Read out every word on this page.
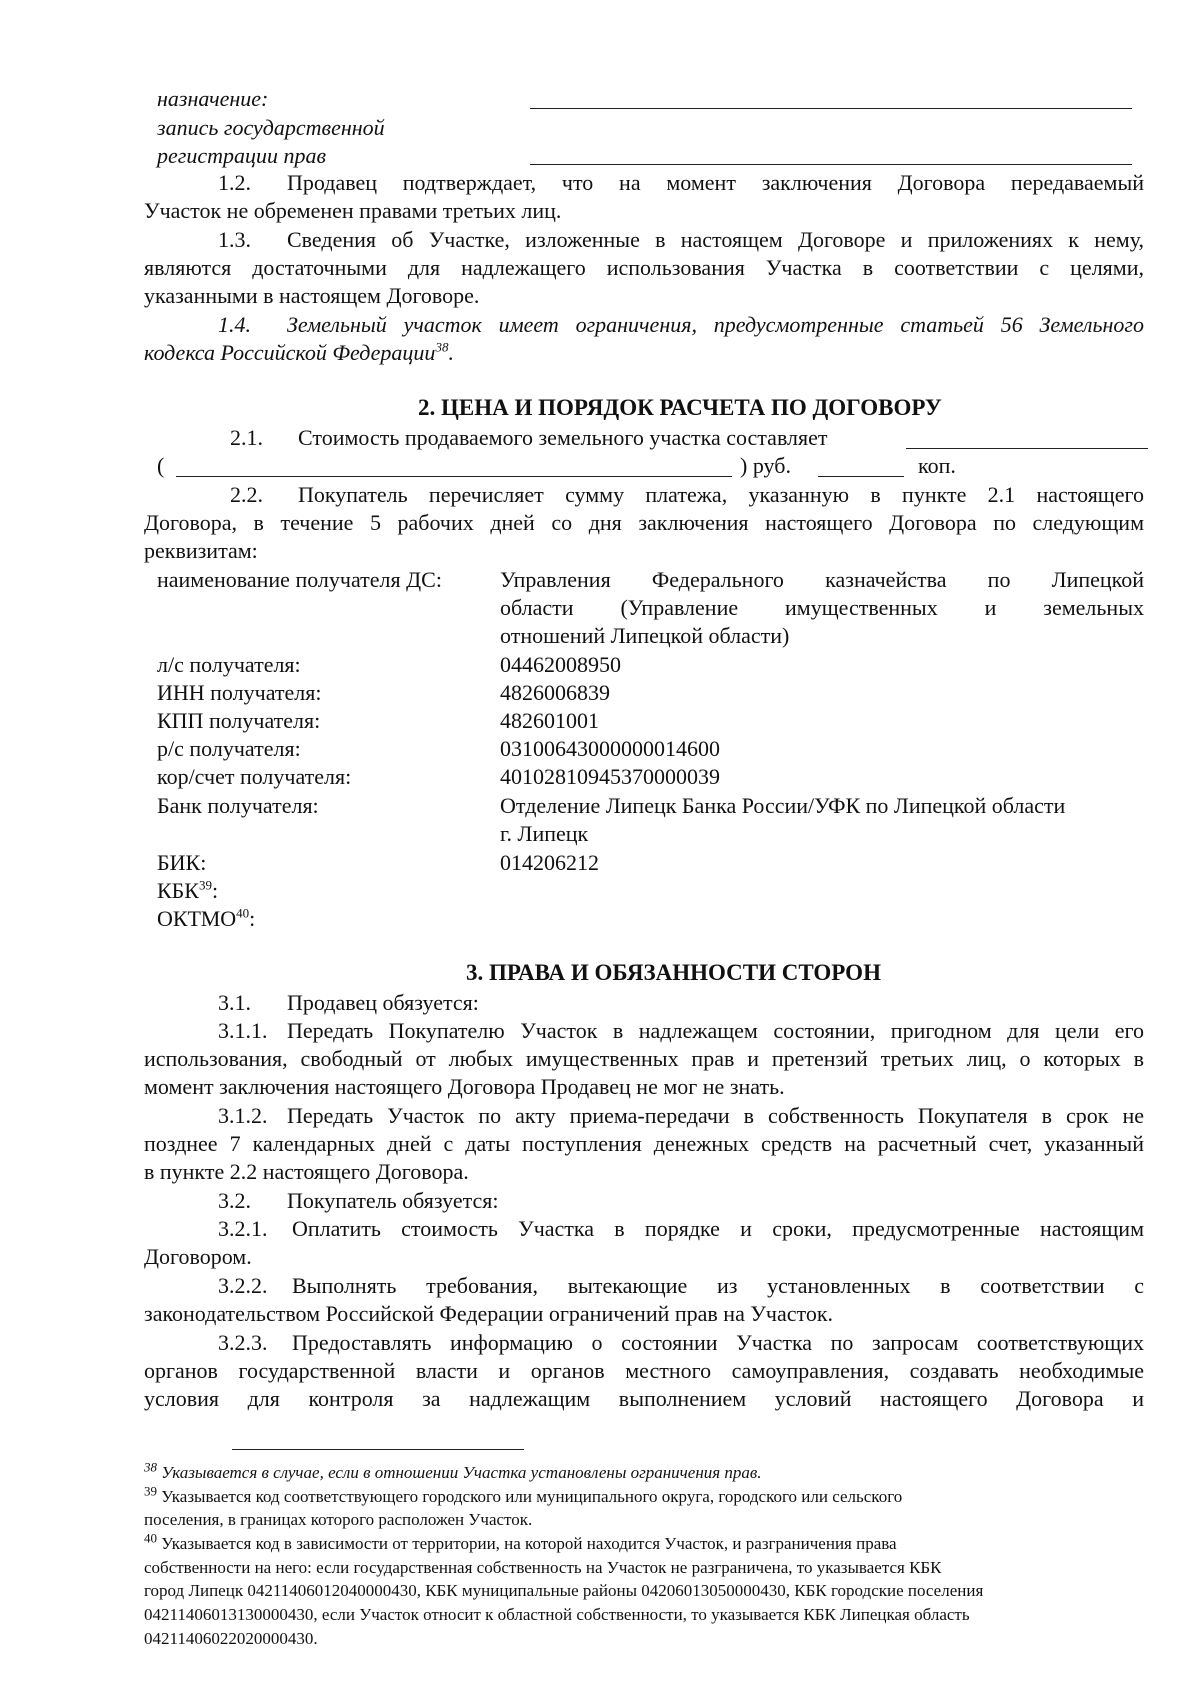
назначение:
запись государственной
регистрации прав
1.2. Продавец подтверждает, что на момент заключения Договора передаваемый
Участок не обременен правами третьих лиц.
1.3. Сведения об Участке, изложенные в настоящем Договоре и приложениях к нему,
являются достаточными для надлежащего использования Участка в соответствии с целями,
указанными в настоящем Договоре.
1.4. Земельный участок имеет ограничения, предусмотренные статьей 56 Земельного
кодекса Российской Федерации$^{38}$.
2. ЦЕНА И ПОРЯДОК РАСЧЕТА ПО ДОГОВОРУ
2.1. Стоимость продаваемого земельного участка составляет
(	) руб.	коп.
2.2. Покупатель перечисляет сумму платежа, указанную в пункте 2.1 настоящего
Договора, в течение 5 рабочих дней со дня заключения настоящего Договора по следующим
реквизитам:
наименование получателя ДС:	Управления Федерального казначейства по Липецкой
области (Управление имущественных и земельных
отношений Липецкой области)
л/с получателя:	04462008950
ИНН получателя:	4826006839
КПП получателя:	482601001
р/с получателя:	03100643000000014600
кор/счет получателя:	40102810945370000039
Банк получателя:	Отделение Липецк Банка России/УФК по Липецкой области
г. Липецк
БИК:	014206212
КБК$^{39}$:
ОКТМО$^{40}$:
3. ПРАВА И ОБЯЗАННОСТИ СТОРОН
3.1. Продавец обязуется:
3.1.1. Передать Покупателю Участок в надлежащем состоянии, пригодном для цели его
использования, свободный от любых имущественных прав и претензий третьих лиц, о которых в
момент заключения настоящего Договора Продавец не мог не знать.
3.1.2. Передать Участок по акту приема-передачи в собственность Покупателя в срок не
позднее 7 календарных дней с даты поступления денежных средств на расчетный счет, указанный
в пункте 2.2 настоящего Договора.
3.2. Покупатель обязуется:
3.2.1. Оплатить стоимость Участка в порядке и сроки, предусмотренные настоящим
Договором.
3.2.2. Выполнять требования, вытекающие из установленных в соответствии с
законодательством Российской Федерации ограничений прав на Участок.
3.2.3. Предоставлять информацию о состоянии Участка по запросам соответствующих
органов государственной власти и органов местного самоуправления, создавать необходимые
условия для контроля за надлежащим выполнением условий настоящего Договора и
$^{38}$ Указывается в случае, если в отношении Участка установлены ограничения прав.
$^{39}$ Указывается код соответствующего городского или муниципального округа, городского или сельского
поселения, в границах которого расположен Участок.
$^{40}$ Указывается код в зависимости от территории, на которой находится Участок, и разграничения права
собственности на него: если государственная собственность на Участок не разграничена, то указывается КБК
город Липецк 04211406012040000430, КБК муниципальные районы 04206013050000430, КБК городские поселения
04211406013130000430, если Участок относит к областной собственности, то указывается КБК Липецкая область
04211406022020000430.
